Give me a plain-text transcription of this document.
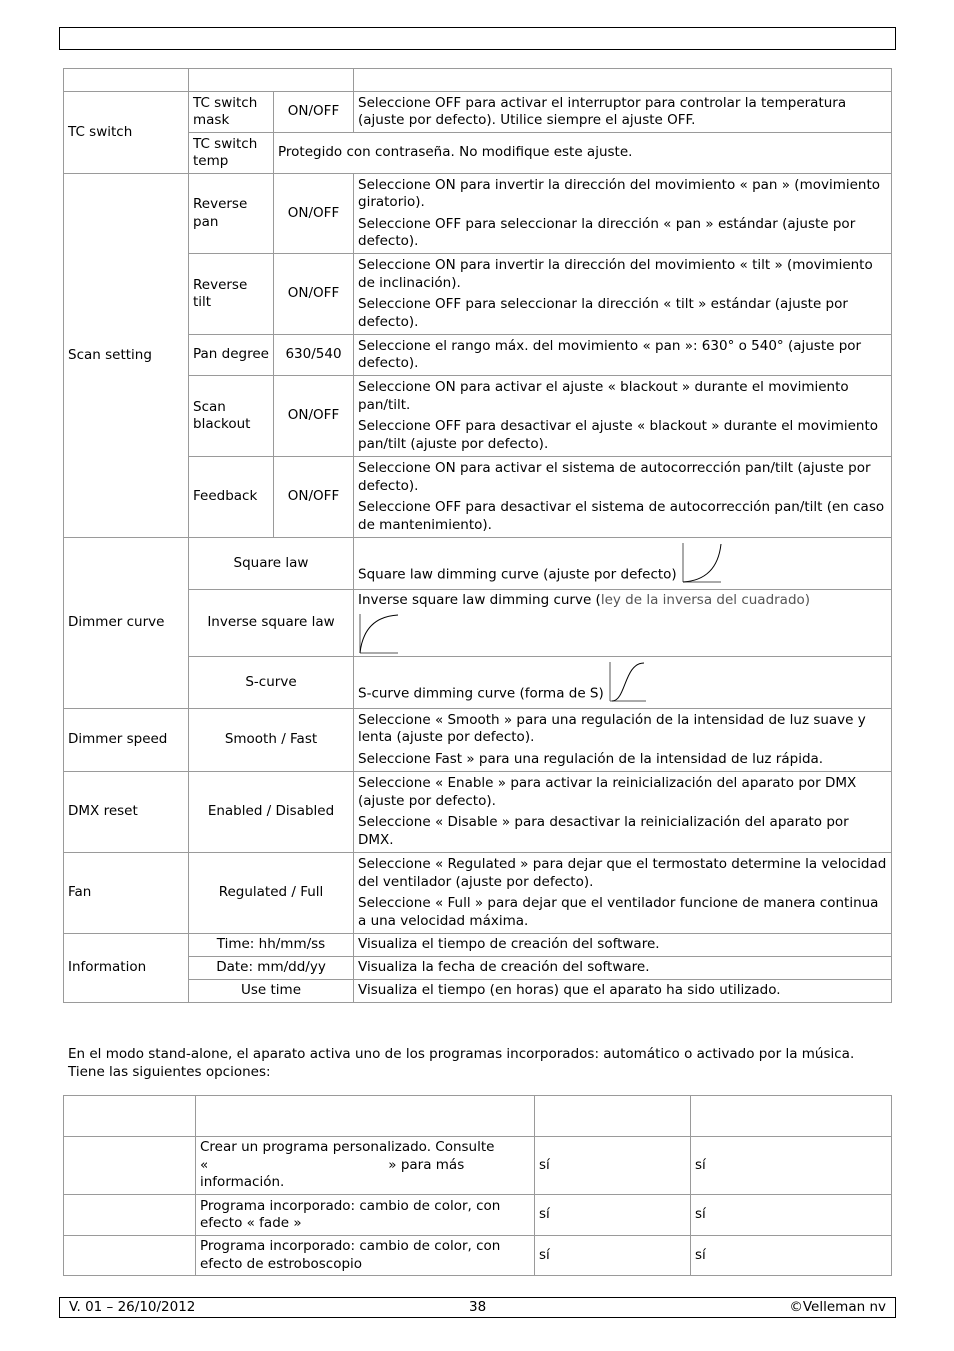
TC switch	TC switch mask	ON/OFF	Seleccione OFF para activar el interruptor para controlar la temperatura (ajuste por defecto). Utilice siempre el ajuste OFF.
	TC switch temp	Protegido con contraseña. No modifique este ajuste.	
Scan setting	Reverse pan	ON/OFF	Seleccione ON para invertir la dirección del movimiento « pan » (movimiento giratorio).

Seleccione OFF para seleccionar la dirección « pan » estándar (ajuste por defecto).

	Reverse tilt	ON/OFF	Seleccione ON para invertir la dirección del movimiento « tilt » (movimiento de inclinación).

Seleccione OFF para seleccionar la dirección « tilt » estándar (ajuste por defecto).

	Pan degree	630/540	Seleccione el rango máx. del movimiento « pan »: 630° o 540° (ajuste por defecto).
	Scan blackout	ON/OFF	Seleccione ON para activar el ajuste « blackout » durante el movimiento pan/tilt.

Seleccione OFF para desactivar el ajuste « blackout » durante el movimiento pan/tilt (ajuste por defecto).

	Feedback	ON/OFF	Seleccione ON para activar el sistema de autocorrección pan/tilt (ajuste por defecto).

Seleccione OFF para desactivar el sistema de autocorrección pan/tilt (en caso de mantenimiento).

Dimmer curve	Square law		Square law dimming curve (ajuste por defecto)
	Inverse square law		Inverse square law dimming curve (ley de la inversa del cuadrado)

	S-curve		S-curve dimming curve (forma de S)
Dimmer speed	Smooth / Fast		Seleccione « Smooth » para una regulación de la intensidad de luz suave y lenta (ajuste por defecto).

Seleccione Fast » para una regulación de la intensidad de luz rápida.

DMX reset	Enabled / Disabled		Seleccione « Enable » para activar la reinicialización del aparato por DMX (ajuste por defecto).

Seleccione « Disable » para desactivar la reinicialización del aparato por DMX.

Fan	Regulated / Full		Seleccione « Regulated » para dejar que el termostato determine la velocidad del ventilador (ajuste por defecto).

Seleccione « Full » para dejar que el ventilador funcione de manera continua a una velocidad máxima.

Information	Time: hh/mm/ss		Visualiza el tiempo de creación del software.
	Date: mm/dd/yy		Visualiza la fecha de creación del software.
	Use time		Visualiza el tiempo (en horas) que el aparato ha sido utilizado.
En el modo stand-alone, el aparato activa uno de los programas incorporados: automático o activado por la música. Tiene las siguientes opciones:

	Crear un programa personalizado. Consulte
« » para más
información.	sí	sí
	Programa incorporado: cambio de color, con efecto « fade »	sí	sí
	Programa incorporado: cambio de color, con efecto de estroboscopio	sí	sí
V. 01 – 26/10/2012	38	©Velleman nv
